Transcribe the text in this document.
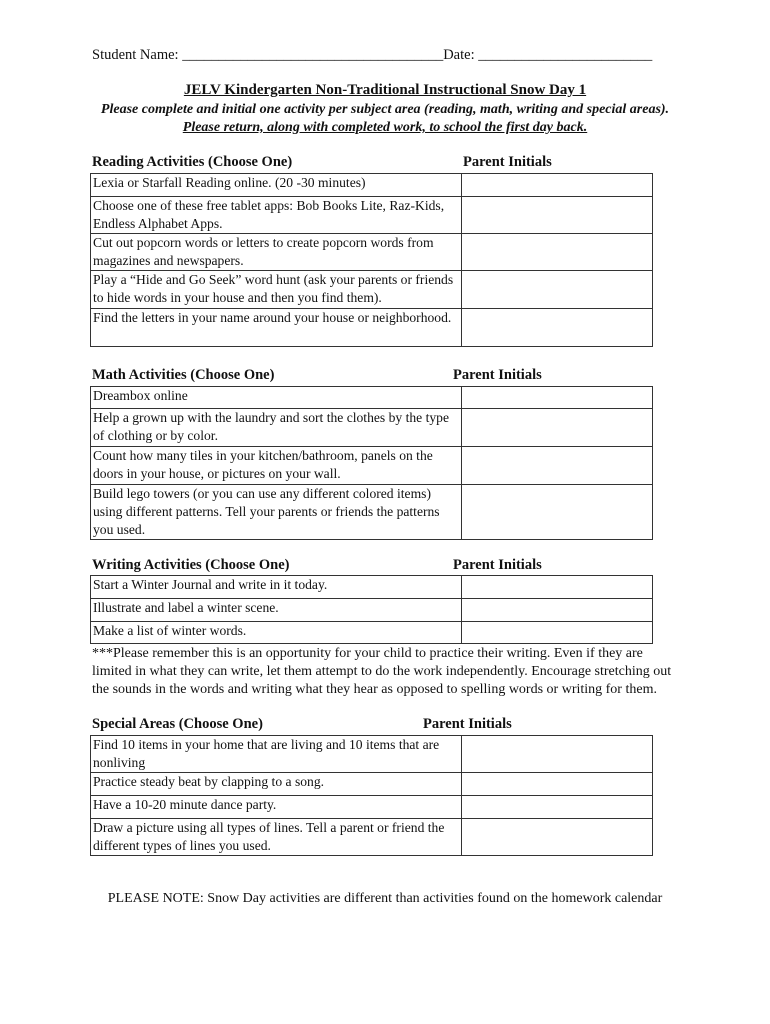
Student Name: ____________________________________Date: ________________________
JELV Kindergarten Non-Traditional Instructional Snow Day 1
Please complete and initial one activity per subject area (reading, math, writing and special areas). Please return, along with completed work, to school the first day back.
Reading Activities (Choose One)	Parent Initials
Lexia or Starfall Reading online. (20 -30 minutes)	
Choose one of these free tablet apps: Bob Books Lite, Raz-Kids, Endless Alphabet Apps.	
Cut out popcorn words or letters to create popcorn words from magazines and newspapers.	
Play a “Hide and Go Seek” word hunt (ask your parents or friends to hide words in your house and then you find them).	
Find the letters in your name around your house or neighborhood.	
Math Activities (Choose One)	Parent Initials
Dreambox online	
Help a grown up with the laundry and sort the clothes by the type of clothing or by color.	
Count how many tiles in your kitchen/bathroom, panels on the doors in your house, or pictures on your wall.	
Build lego towers (or you can use any different colored items) using different patterns. Tell your parents or friends the patterns you used.	
Writing Activities (Choose One)	Parent Initials
Start a Winter Journal and write in it today.	
Illustrate and label a winter scene.	
Make a list of winter words.	
***Please remember this is an opportunity for your child to practice their writing. Even if they are limited in what they can write, let them attempt to do the work independently. Encourage stretching out the sounds in the words and writing what they hear as opposed to spelling words or writing for them.
Special Areas (Choose One)	Parent Initials
Find 10 items in your home that are living and 10 items that are nonliving	
Practice steady beat by clapping to a song.	
Have a 10-20 minute dance party.	
Draw a picture using all types of lines. Tell a parent or friend the different types of lines you used.	
PLEASE NOTE: Snow Day activities are different than activities found on the homework calendar
